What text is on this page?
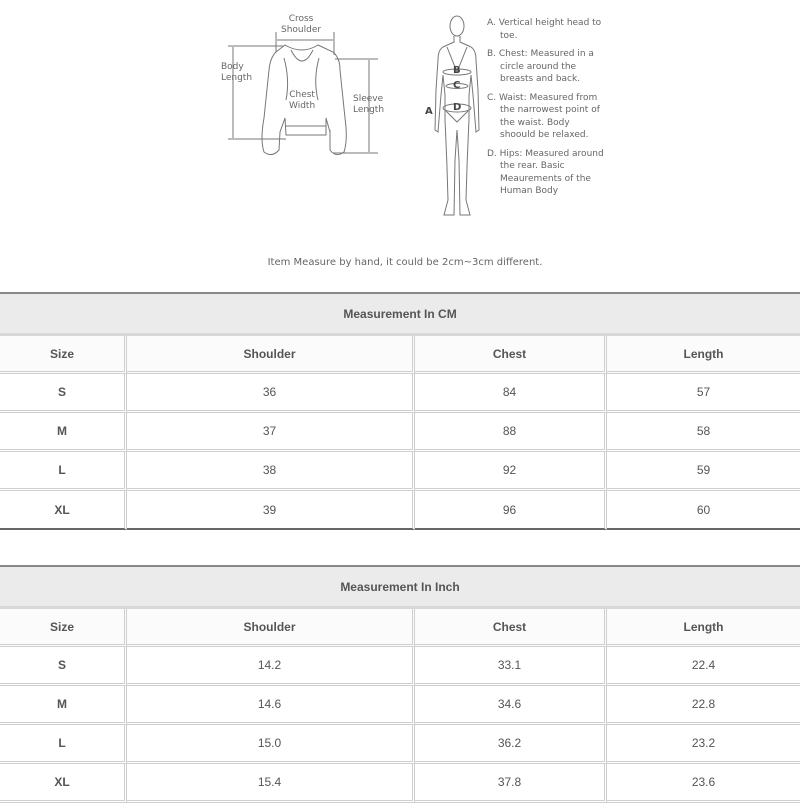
Cross
Shoulder
Body
Length
Chest
Width
Sleeve
Length
B
C
D
A
A. Vertical height head to toe.
B. Chest: Measured in a circle around the breasts and back.
C. Waist: Measured from the narrowest point of the waist. Body shoould be relaxed.
D. Hips: Measured around the rear. Basic Meaurements of the Human Body
Item Measure by hand, it could be 2cm~3cm different.
Measurement In CM			
Size	Shoulder	Chest	Length
S	36	84	57
M	37	88	58
L	38	92	59
XL	39	96	60
Measurement In Inch			
Size	Shoulder	Chest	Length
S	14.2	33.1	22.4
M	14.6	34.6	22.8
L	15.0	36.2	23.2
XL	15.4	37.8	23.6
